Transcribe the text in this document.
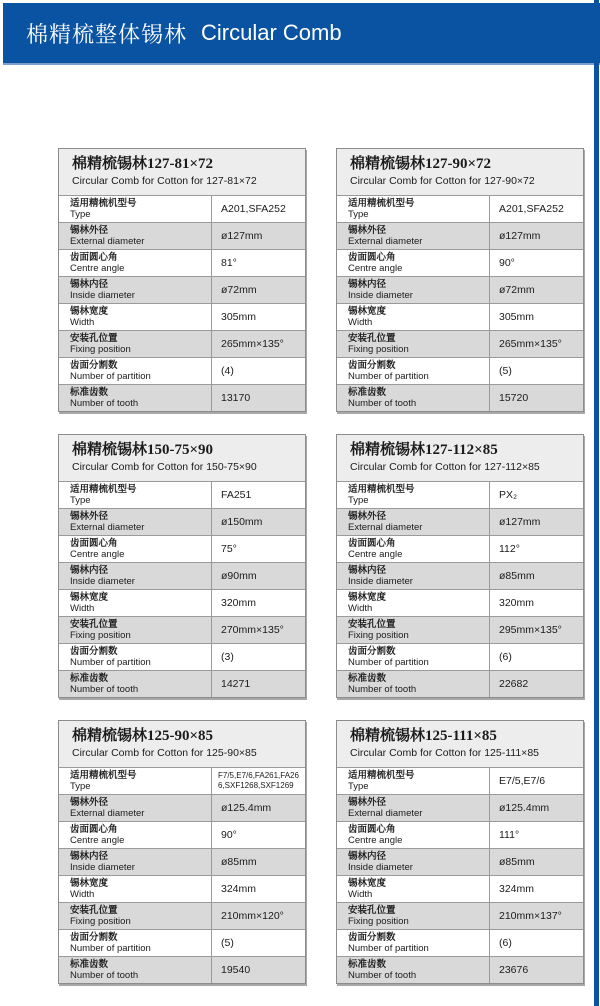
棉精梳整体锡林 Circular Comb
棉精梳锡林127-81×72
Circular Comb for Cotton for 127-81×72
适用精梳机型号
Type	A201,SFA252
锡林外径
External diameter	ø127mm
齿面圆心角
Centre angle	81°
锡林内径
Inside diameter	ø72mm
锡林宽度
Width	305mm
安装孔位置
Fixing position	265mm×135°
齿面分割数
Number of partition	(4)
标准齿数
Number of tooth	13170
棉精梳锡林127-90×72
Circular Comb for Cotton for 127-90×72
适用精梳机型号
Type	A201,SFA252
锡林外径
External diameter	ø127mm
齿面圆心角
Centre angle	90°
锡林内径
Inside diameter	ø72mm
锡林宽度
Width	305mm
安装孔位置
Fixing position	265mm×135°
齿面分割数
Number of partition	(5)
标准齿数
Number of tooth	15720
棉精梳锡林150-75×90
Circular Comb for Cotton for 150-75×90
适用精梳机型号
Type	FA251
锡林外径
External diameter	ø150mm
齿面圆心角
Centre angle	75°
锡林内径
Inside diameter	ø90mm
锡林宽度
Width	320mm
安装孔位置
Fixing position	270mm×135°
齿面分割数
Number of partition	(3)
标准齿数
Number of tooth	14271
棉精梳锡林127-112×85
Circular Comb for Cotton for 127-112×85
适用精梳机型号
Type	PX₂
锡林外径
External diameter	ø127mm
齿面圆心角
Centre angle	112°
锡林内径
Inside diameter	ø85mm
锡林宽度
Width	320mm
安装孔位置
Fixing position	295mm×135°
齿面分割数
Number of partition	(6)
标准齿数
Number of tooth	22682
棉精梳锡林125-90×85
Circular Comb for Cotton for 125-90×85
适用精梳机型号
Type
F7/5,E7/6,FA261,FA266,SXF1268,SXF1269
锡林外径
External diameter	ø125.4mm
齿面圆心角
Centre angle	90°
锡林内径
Inside diameter	ø85mm
锡林宽度
Width	324mm
安装孔位置
Fixing position	210mm×120°
齿面分割数
Number of partition	(5)
标准齿数
Number of tooth	19540
棉精梳锡林125-111×85
Circular Comb for Cotton for 125-111×85
适用精梳机型号
Type	E7/5,E7/6
锡林外径
External diameter	ø125.4mm
齿面圆心角
Centre angle	111°
锡林内径
Inside diameter	ø85mm
锡林宽度
Width	324mm
安装孔位置
Fixing position	210mm×137°
齿面分割数
Number of partition	(6)
标准齿数
Number of tooth	23676
